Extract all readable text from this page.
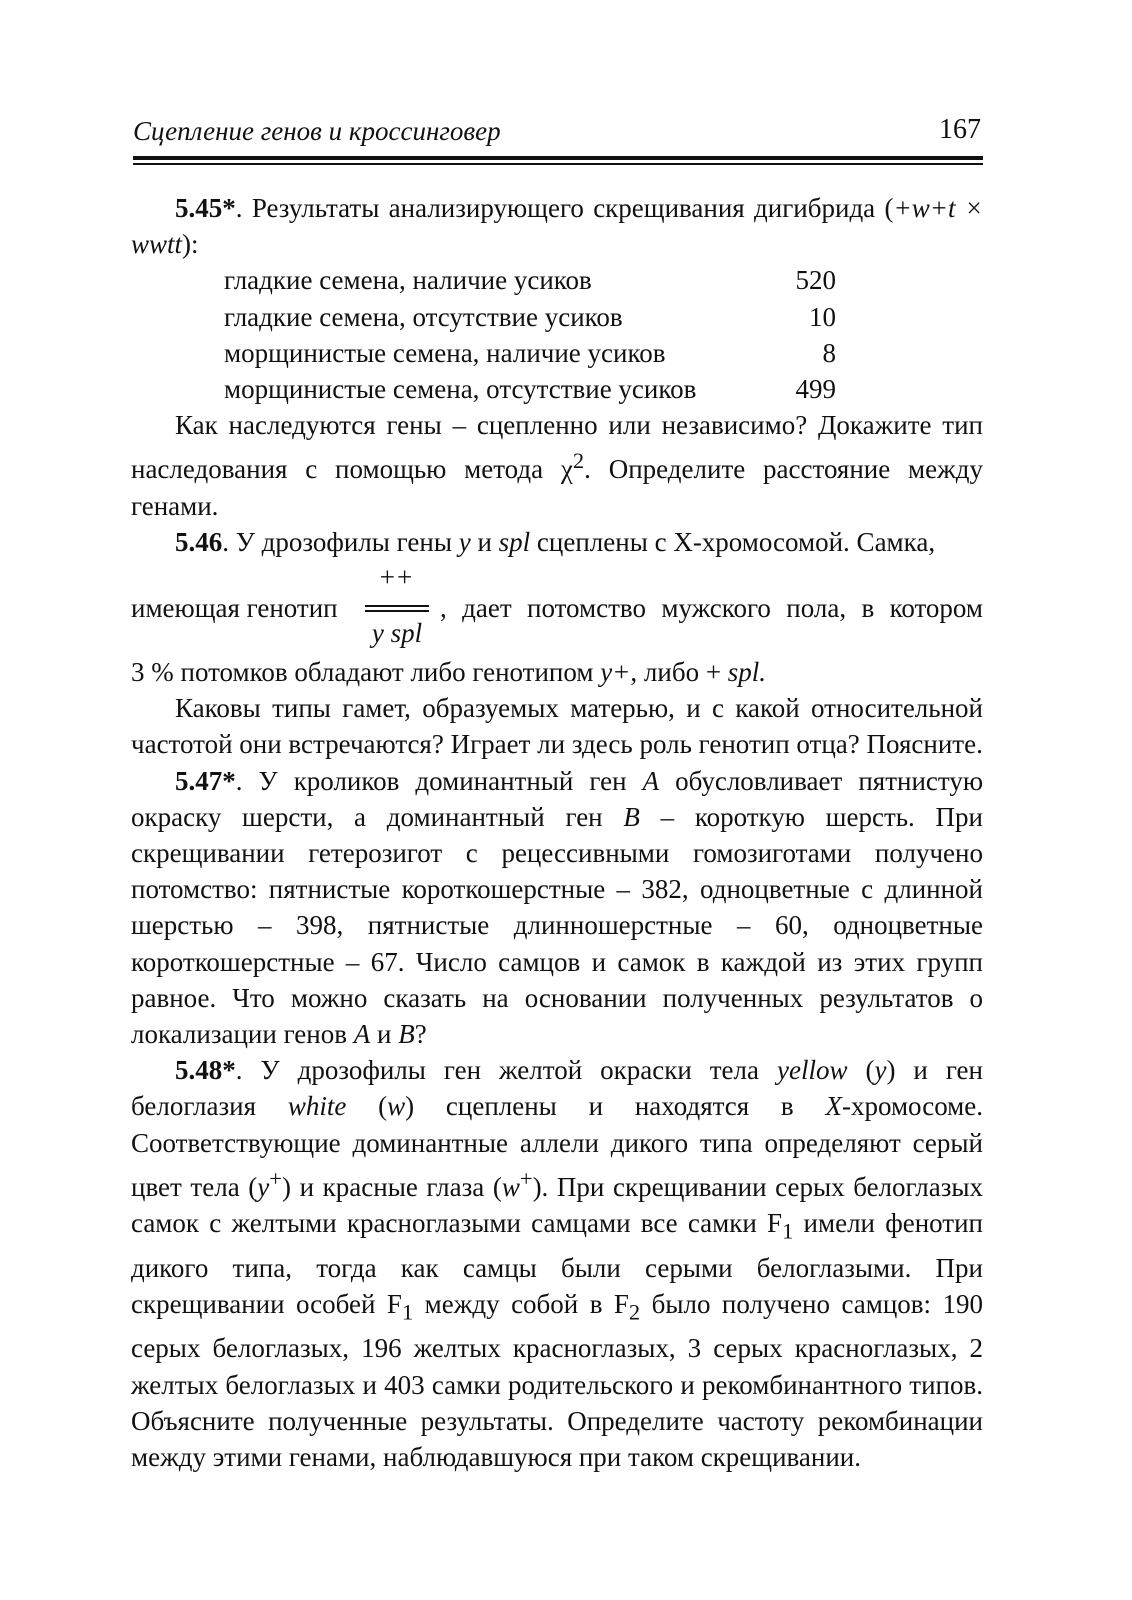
Сцепление генов и кроссинговер	167

5.45*. Результаты анализирующего скрещивания дигибрида (+w+t × wwtt):

гладкие семена, наличие усиков	520
гладкие семена, отсутствие усиков	10
морщинистые семена, наличие усиков	8
морщинистые семена, отсутствие усиков	499

Как наследуются гены – сцепленно или независимо? Докажите тип наследования с помощью метода $\chi^2$. Определите расстояние между генами.

5.46. У дрозофилы гены y и spl сцеплены с Х-хромосомой. Самка,

имеющая генотип
++
y spl
, дает потомство мужского пола, в котором

3 % потомков обладают либо генотипом y+, либо + spl.

Каковы типы гамет, образуемых матерью, и с какой относительной частотой они встречаются? Играет ли здесь роль генотип отца? Поясните.

5.47*. У кроликов доминантный ген A обусловливает пятнистую окраску шерсти, а доминантный ген B – короткую шерсть. При скрещивании гетерозигот с рецессивными гомозиготами получено потомство: пятнистые короткошерстные – 382, одноцветные с длинной шерстью – 398, пятнистые длинношерстные – 60, одноцветные короткошерстные – 67. Число самцов и самок в каждой из этих групп равное. Что можно сказать на основании полученных результатов о локализации генов A и B?

5.48*. У дрозофилы ген желтой окраски тела yellow (y) и ген белоглазия white (w) сцеплены и находятся в X-хромосоме. Соответствующие доминантные аллели дикого типа определяют серый цвет тела (y+) и красные глаза (w+). При скрещивании серых белоглазых самок с желтыми красноглазыми самцами все самки $F_1$ имели фенотип дикого типа, тогда как самцы были серыми белоглазыми. При скрещивании особей $F_1$ между собой в $F_2$ было получено самцов: 190 серых белоглазых, 196 желтых красноглазых, 3 серых красноглазых, 2 желтых белоглазых и 403 самки родительского и рекомбинантного типов. Объясните полученные результаты. Определите частоту рекомбинации между этими генами, наблюдавшуюся при таком скрещивании.
